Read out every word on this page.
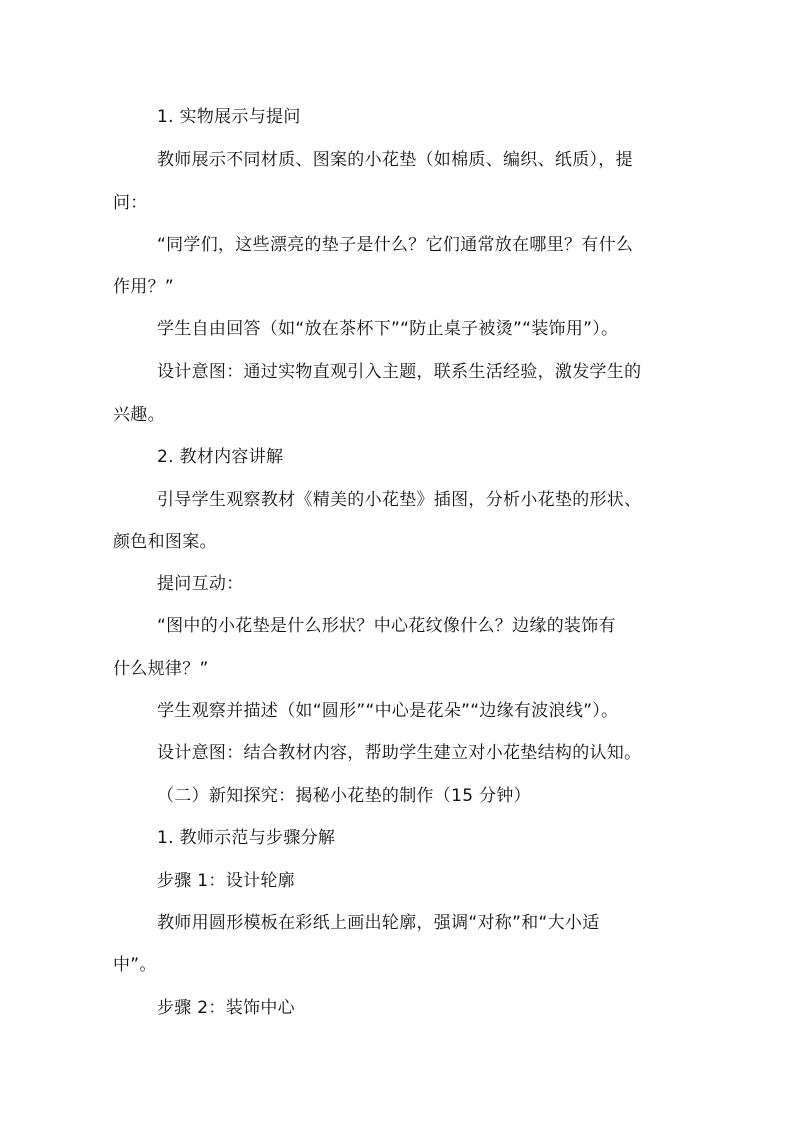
1. 实物展示与提问
教师展示不同材质、图案的小花垫（如棉质、编织、纸质），提
问：
“同学们，这些漂亮的垫子是什么？它们通常放在哪里？有什么
作用？”
学生自由回答（如“放在茶杯下”“防止桌子被烫”“装饰用”）。
设计意图：通过实物直观引入主题，联系生活经验，激发学生的
兴趣。
2. 教材内容讲解
引导学生观察教材《精美的小花垫》插图，分析小花垫的形状、
颜色和图案。
提问互动：
“图中的小花垫是什么形状？中心花纹像什么？边缘的装饰有
什么规律？”
学生观察并描述（如“圆形”“中心是花朵”“边缘有波浪线”）。
设计意图：结合教材内容，帮助学生建立对小花垫结构的认知。
（二）新知探究：揭秘小花垫的制作（15 分钟）
1. 教师示范与步骤分解
步骤 1：设计轮廓
教师用圆形模板在彩纸上画出轮廓，强调“对称”和“大小适
中”。
步骤 2：装饰中心
